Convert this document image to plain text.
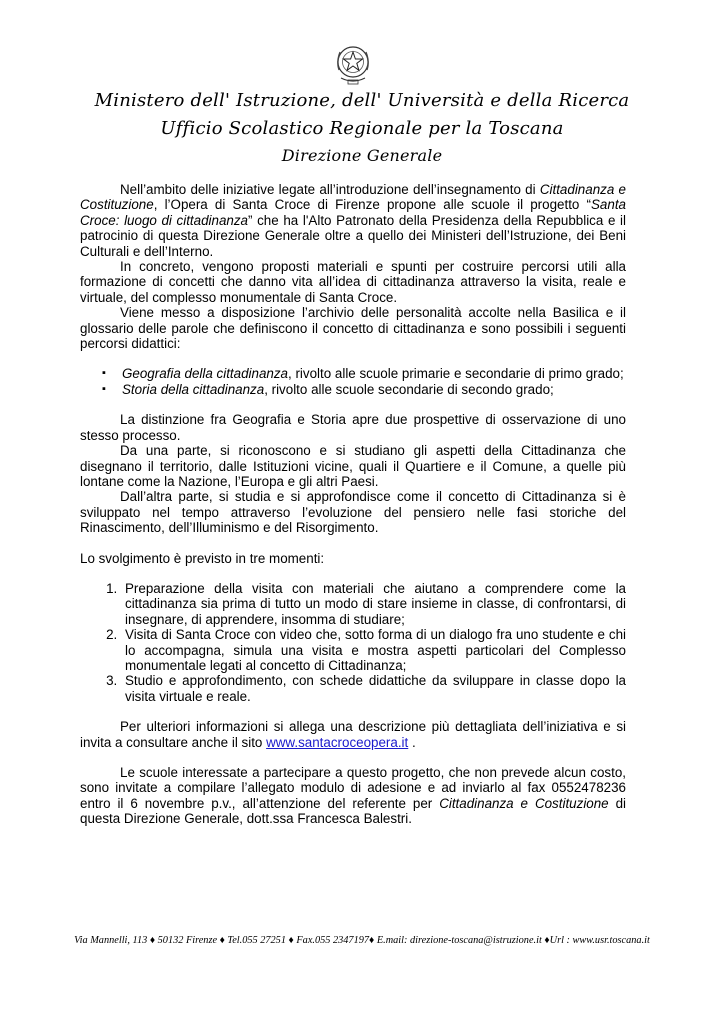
Ministero dell' Istruzione, dell' Università e della Ricerca
Ufficio Scolastico Regionale per la Toscana
Direzione Generale

Nell’ambito delle iniziative legate all’introduzione dell’insegnamento di Cittadinanza e Costituzione, l’Opera di Santa Croce di Firenze propone alle scuole il progetto “Santa Croce: luogo di cittadinanza” che ha l'Alto Patronato della Presidenza della Repubblica e il patrocinio di questa Direzione Generale oltre a quello dei Ministeri dell’Istruzione, dei Beni Culturali e dell’Interno.

In concreto, vengono proposti materiali e spunti per costruire percorsi utili alla formazione di concetti che danno vita all’idea di cittadinanza attraverso la visita, reale e virtuale, del complesso monumentale di Santa Croce.

Viene messo a disposizione l’archivio delle personalità accolte nella Basilica e il glossario delle parole che definiscono il concetto di cittadinanza e sono possibili i seguenti percorsi didattici:

▪ Geografia della cittadinanza, rivolto alle scuole primarie e secondarie di primo grado;
▪ Storia della cittadinanza, rivolto alle scuole secondarie di secondo grado;

La distinzione fra Geografia e Storia apre due prospettive di osservazione di uno stesso processo.

Da una parte, si riconoscono e si studiano gli aspetti della Cittadinanza che disegnano il territorio, dalle Istituzioni vicine, quali il Quartiere e il Comune, a quelle più lontane come la Nazione, l’Europa e gli altri Paesi.

Dall’altra parte, si studia e si approfondisce come il concetto di Cittadinanza si è sviluppato nel tempo attraverso l’evoluzione del pensiero nelle fasi storiche del Rinascimento, dell’Illuminismo e del Risorgimento.

Lo svolgimento è previsto in tre momenti:

1. Preparazione della visita con materiali che aiutano a comprendere come la cittadinanza sia prima di tutto un modo di stare insieme in classe, di confrontarsi, di insegnare, di apprendere, insomma di studiare;
2. Visita di Santa Croce con video che, sotto forma di un dialogo fra uno studente e chi lo accompagna, simula una visita e mostra aspetti particolari del Complesso monumentale legati al concetto di Cittadinanza;
3. Studio e approfondimento, con schede didattiche da sviluppare in classe dopo la visita virtuale e reale.

Per ulteriori informazioni si allega una descrizione più dettagliata dell’iniziativa e si invita a consultare anche il sito www.santacroceopera.it .

Le scuole interessate a partecipare a questo progetto, che non prevede alcun costo, sono invitate a compilare l’allegato modulo di adesione e ad inviarlo al fax 0552478236 entro il 6 novembre p.v., all’attenzione del referente per Cittadinanza e Costituzione di questa Direzione Generale, dott.ssa Francesca Balestri.

Via Mannelli, 113 ♦ 50132 Firenze ♦ Tel.055 27251 ♦ Fax.055 2347197♦ E.mail: direzione-toscana@istruzione.it ♦Url : www.usr.toscana.it
